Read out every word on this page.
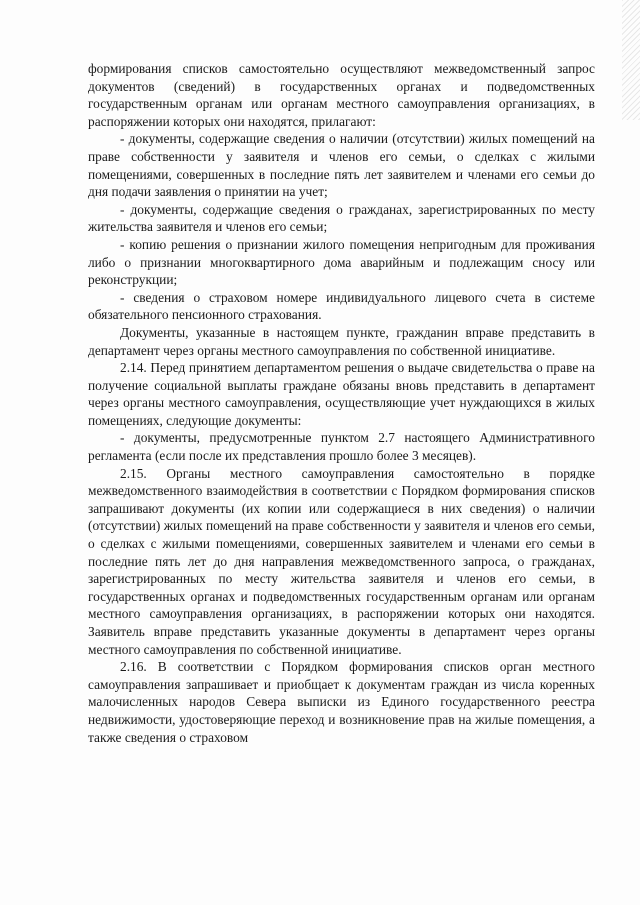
формирования списков самостоятельно осуществляют межведомственный запрос документов (сведений) в государственных органах и подведомственных государственным органам или органам местного самоуправления организациях, в распоряжении которых они находятся, прилагают:

- документы, содержащие сведения о наличии (отсутствии) жилых помещений на праве собственности у заявителя и членов его семьи, о сделках с жилыми помещениями, совершенных в последние пять лет заявителем и членами его семьи до дня подачи заявления о принятии на учет;

- документы, содержащие сведения о гражданах, зарегистрированных по месту жительства заявителя и членов его семьи;

- копию решения о признании жилого помещения непригодным для проживания либо о признании многоквартирного дома аварийным и подлежащим сносу или реконструкции;

- сведения о страховом номере индивидуального лицевого счета в системе обязательного пенсионного страхования.

Документы, указанные в настоящем пункте, гражданин вправе представить в департамент через органы местного самоуправления по собственной инициативе.

2.14. Перед принятием департаментом решения о выдаче свидетельства о праве на получение социальной выплаты граждане обязаны вновь представить в департамент через органы местного самоуправления, осуществляющие учет нуждающихся в жилых помещениях, следующие документы:

- документы, предусмотренные пунктом 2.7 настоящего Административного регламента (если после их представления прошло более 3 месяцев).

2.15. Органы местного самоуправления самостоятельно в порядке межведомственного взаимодействия в соответствии с Порядком формирования списков запрашивают документы (их копии или содержащиеся в них сведения) о наличии (отсутствии) жилых помещений на праве собственности у заявителя и членов его семьи, о сделках с жилыми помещениями, совершенных заявителем и членами его семьи в последние пять лет до дня направления межведомственного запроса, о гражданах, зарегистрированных по месту жительства заявителя и членов его семьи, в государственных органах и подведомственных государственным органам или органам местного самоуправления организациях, в распоряжении которых они находятся. Заявитель вправе представить указанные документы в департамент через органы местного самоуправления по собственной инициативе.

2.16. В соответствии с Порядком формирования списков орган местного самоуправления запрашивает и приобщает к документам граждан из числа коренных малочисленных народов Севера выписки из Единого государственного реестра недвижимости, удостоверяющие переход и возникновение прав на жилые помещения, а также сведения о страховом
